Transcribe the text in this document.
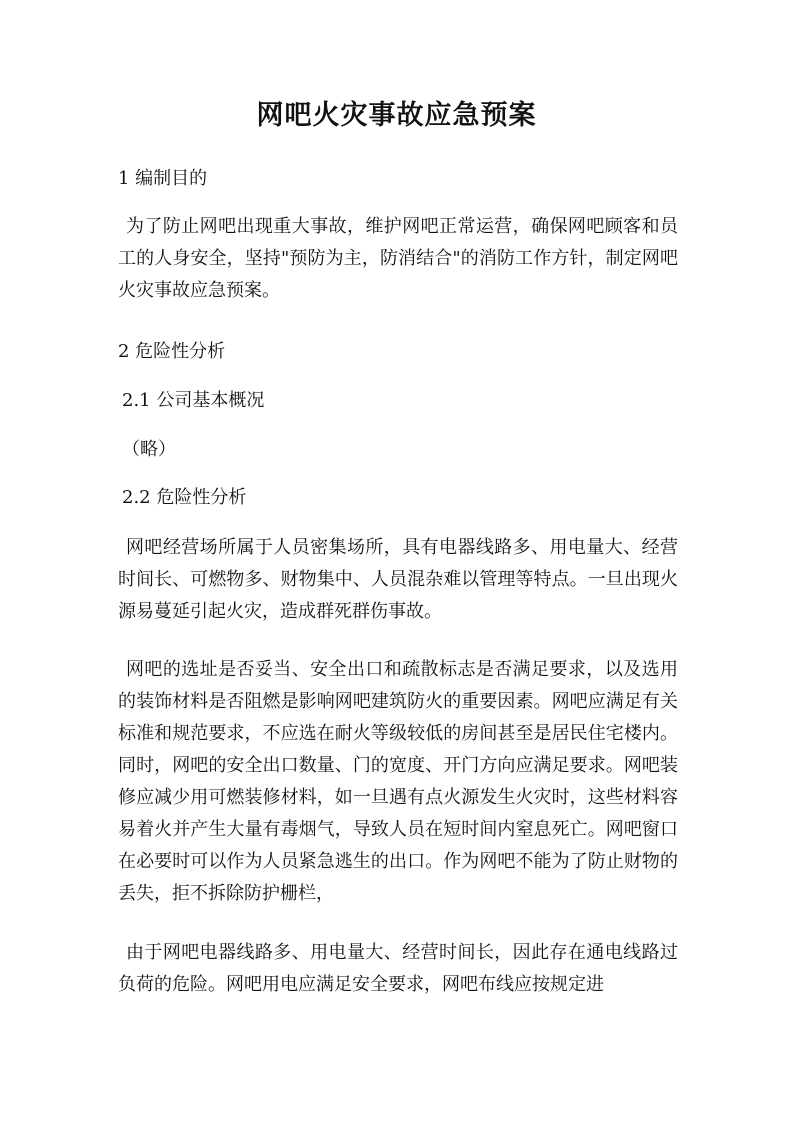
网吧火灾事故应急预案

1 编制目的

为了防止网吧出现重大事故，维护网吧正常运营，确保网吧顾客和员工的人身安全，坚持"预防为主，防消结合"的消防工作方针，制定网吧火灾事故应急预案。

2 危险性分析

2.1 公司基本概况

（略）

2.2 危险性分析

网吧经营场所属于人员密集场所，具有电器线路多、用电量大、经营时间长、可燃物多、财物集中、人员混杂难以管理等特点。一旦出现火源易蔓延引起火灾，造成群死群伤事故。

网吧的选址是否妥当、安全出口和疏散标志是否满足要求，以及选用的装饰材料是否阻燃是影响网吧建筑防火的重要因素。网吧应满足有关标准和规范要求，不应选在耐火等级较低的房间甚至是居民住宅楼内。同时，网吧的安全出口数量、门的宽度、开门方向应满足要求。网吧装修应减少用可燃装修材料，如一旦遇有点火源发生火灾时，这些材料容易着火并产生大量有毒烟气，导致人员在短时间内窒息死亡。网吧窗口在必要时可以作为人员紧急逃生的出口。作为网吧不能为了防止财物的丢失，拒不拆除防护栅栏，

由于网吧电器线路多、用电量大、经营时间长，因此存在通电线路过负荷的危险。网吧用电应满足安全要求，网吧布线应按规定进
